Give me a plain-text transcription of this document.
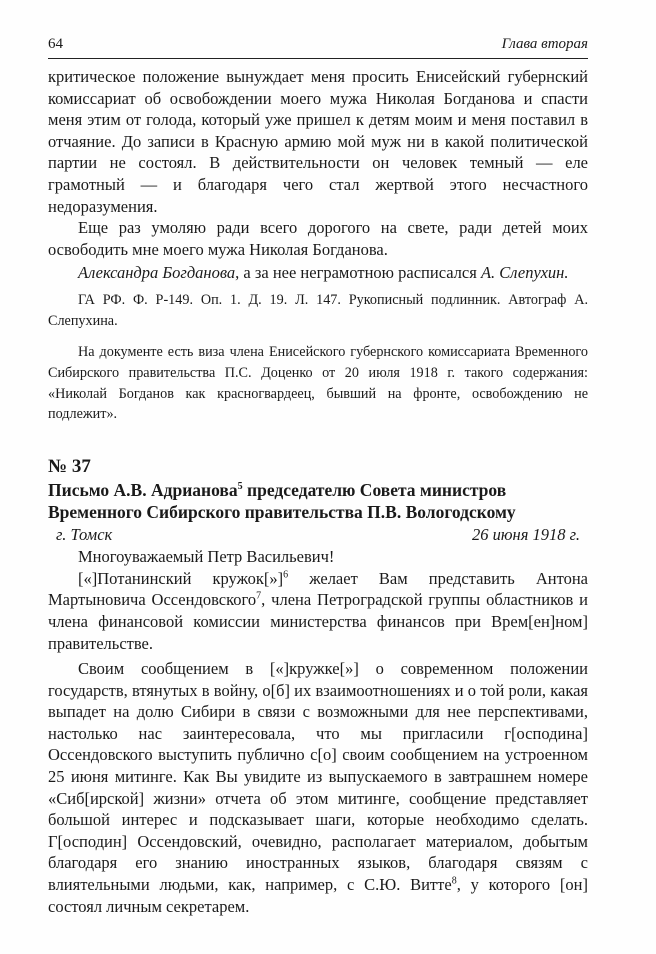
64	Глава вторая

критическое положение вынуждает меня просить Енисейский губернский комиссариат об освобождении моего мужа Николая Богданова и спасти меня этим от голода, который уже пришел к детям моим и меня поставил в отчаяние. До записи в Красную армию мой муж ни в какой политической партии не состоял. В действительности он человек темный — еле грамотный — и благодаря чего стал жертвой этого несчастного недоразумения.

Еще раз умоляю ради всего дорогого на свете, ради детей моих освободить мне моего мужа Николая Богданова.

Александра Богданова, а за нее неграмотною расписался А. Слепухин.
ГА РФ. Ф. Р-149. Оп. 1. Д. 19. Л. 147. Рукописный подлинник. Автограф А. Слепухина.
На документе есть виза члена Енисейского губернского комиссариата Временного Сибирского правительства П.С. Доценко от 20 июля 1918 г. такого содержания: «Николай Богданов как красногвардеец, бывший на фронте, освобождению не подлежит».
№ 37
Письмо А.В. Адрианова$^5$ председателю Совета министров Временного Сибирского правительства П.В. Вологодскому
г. Томск	26 июня 1918 г.
Многоуважаемый Петр Васильевич!

[«]Потанинский кружок[»]$^6$ желает Вам представить Антона Мартыновича Оссендовского$^7$, члена Петроградской группы областников и члена финансовой комиссии министерства финансов при Врем[ен]ном] правительстве.

Своим сообщением в [«]кружке[»] о современном положении государств, втянутых в войну, о[б] их взаимоотношениях и о той роли, какая выпадет на долю Сибири в связи с возможными для нее перспективами, настолько нас заинтересовала, что мы пригласили г[осподина] Оссендовского выступить публично с[о] своим сообщением на устроенном 25 июня митинге. Как Вы увидите из выпускаемого в завтрашнем номере «Сиб[ирской] жизни» отчета об этом митинге, сообщение представляет большой интерес и подсказывает шаги, которые необходимо сделать. Г[осподин] Оссендовский, очевидно, располагает материалом, добытым благодаря его знанию иностранных языков, благодаря связям с влиятельными людьми, как, например, с С.Ю. Витте$^8$, у которого [он] состоял личным секретарем.
